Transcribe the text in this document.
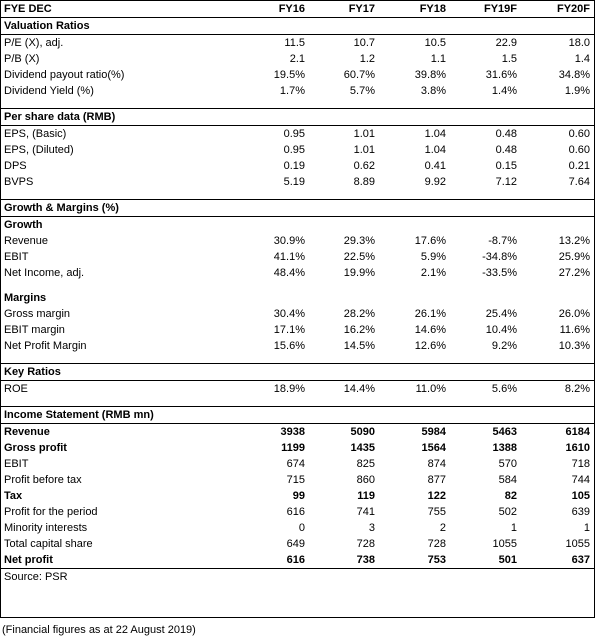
FYE DEC	FY16	FY17	FY18	FY19F	FY20F
Valuation Ratios					
P/E (X), adj.	11.5	10.7	10.5	22.9	18.0
P/B (X)	2.1	1.2	1.1	1.5	1.4
Dividend payout ratio(%)	19.5%	60.7%	39.8%	31.6%	34.8%
Dividend Yield (%)	1.7%	5.7%	3.8%	1.4%	1.9%

Per share data (RMB)					
EPS, (Basic)	0.95	1.01	1.04	0.48	0.60
EPS, (Diluted)	0.95	1.01	1.04	0.48	0.60
DPS	0.19	0.62	0.41	0.15	0.21
BVPS	5.19	8.89	9.92	7.12	7.64

Growth & Margins (%)					
Growth					
Revenue	30.9%	29.3%	17.6%	-8.7%	13.2%
EBIT	41.1%	22.5%	5.9%	-34.8%	25.9%
Net Income, adj.	48.4%	19.9%	2.1%	-33.5%	27.2%

Margins					
Gross margin	30.4%	28.2%	26.1%	25.4%	26.0%
EBIT margin	17.1%	16.2%	14.6%	10.4%	11.6%
Net Profit Margin	15.6%	14.5%	12.6%	9.2%	10.3%

Key Ratios					
ROE	18.9%	14.4%	11.0%	5.6%	8.2%

Income Statement (RMB mn)					
Revenue	3938	5090	5984	5463	6184
Gross profit	1199	1435	1564	1388	1610
EBIT	674	825	874	570	718
Profit before tax	715	860	877	584	744
Tax	99	119	122	82	105
Profit for the period	616	741	755	502	639
Minority interests	0	3	2	1	1
Total capital share	649	728	728	1055	1055
Net profit	616	738	753	501	637
Source: PSR					
(Financial figures as at 22 August 2019)
